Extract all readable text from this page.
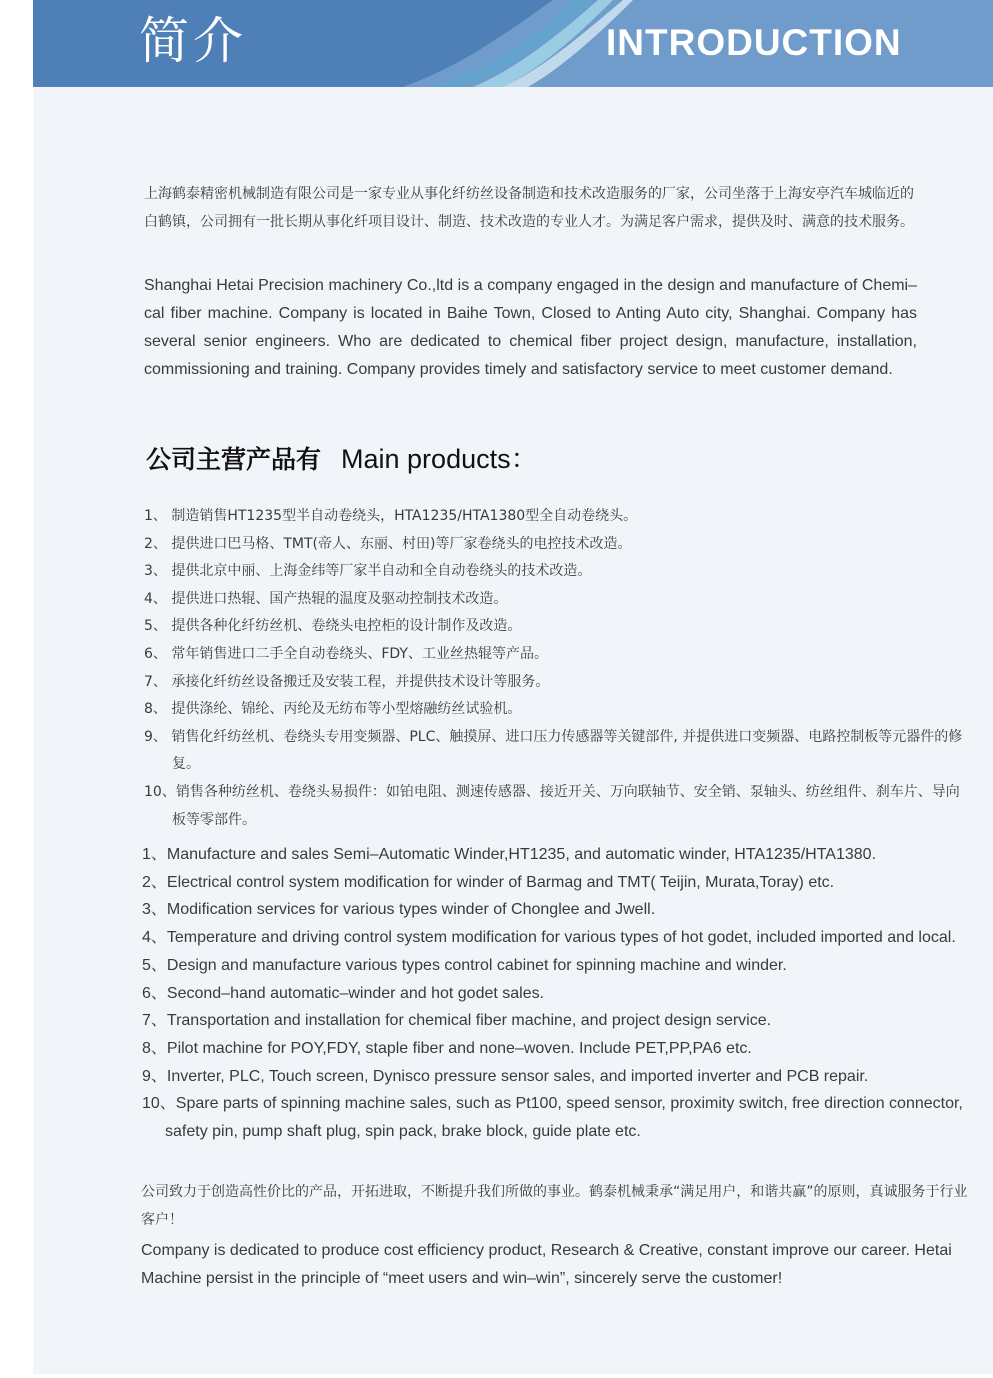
简介	INTRODUCTION

上海鹤泰精密机械制造有限公司是一家专业从事化纤纺丝设备制造和技术改造服务的厂家，公司坐落于上海安亭汽车城临近的白鹤镇，公司拥有一批长期从事化纤项目设计、制造、技术改造的专业人才。为满足客户需求，提供及时、满意的技术服务。

Shanghai Hetai Precision machinery Co.,ltd is a company engaged in the design and manufacture of Chemi–cal fiber machine. Company is located in Baihe Town, Closed to Anting Auto city, Shanghai. Company has several senior engineers. Who are dedicated to chemical fiber project design, manufacture, installation, commissioning and training. Company provides timely and satisfactory service to meet customer demand.

公司主营产品有 Main products：
1、 制造销售HT1235型半自动卷绕头，HTA1235/HTA1380型全自动卷绕头。
2、 提供进口巴马格、TMT(帝人、东丽、村田)等厂家卷绕头的电控技术改造。
3、 提供北京中丽、上海金纬等厂家半自动和全自动卷绕头的技术改造。
4、 提供进口热辊、国产热辊的温度及驱动控制技术改造。
5、 提供各种化纤纺丝机、卷绕头电控柜的设计制作及改造。
6、 常年销售进口二手全自动卷绕头、FDY、工业丝热辊等产品。
7、 承接化纤纺丝设备搬迁及安装工程，并提供技术设计等服务。
8、 提供涤纶、锦纶、丙纶及无纺布等小型熔融纺丝试验机。
9、 销售化纤纺丝机、卷绕头专用变频器、PLC、触摸屏、进口压力传感器等关键部件, 并提供进口变频器、电路控制板等元器件的修复。
10、销售各种纺丝机、卷绕头易损件：如铂电阻、测速传感器、接近开关、万向联轴节、安全销、泵轴头、纺丝组件、刹车片、导向板等零部件。
1、Manufacture and sales Semi–Automatic Winder,HT1235, and automatic winder, HTA1235/HTA1380.
2、Electrical control system modification for winder of Barmag and TMT( Teijin, Murata,Toray) etc.
3、Modification services for various types winder of Chonglee and Jwell.
4、Temperature and driving control system modification for various types of hot godet, included imported and local.
5、Design and manufacture various types control cabinet for spinning machine and winder.
6、Second–hand automatic–winder and hot godet sales.
7、Transportation and installation for chemical fiber machine, and project design service.
8、Pilot machine for POY,FDY, staple fiber and none–woven. Include PET,PP,PA6 etc.
9、Inverter, PLC, Touch screen, Dynisco pressure sensor sales, and imported inverter and PCB repair.
10、Spare parts of spinning machine sales, such as Pt100, speed sensor, proximity switch, free direction connector, safety pin, pump shaft plug, spin pack, brake block, guide plate etc.

公司致力于创造高性价比的产品，开拓进取，不断提升我们所做的事业。鹤泰机械秉承“满足用户，和谐共赢”的原则，真诚服务于行业客户！

Company is dedicated to produce cost efficiency product, Research & Creative, constant improve our career. Hetai Machine persist in the principle of “meet users and win–win”, sincerely serve the customer!
